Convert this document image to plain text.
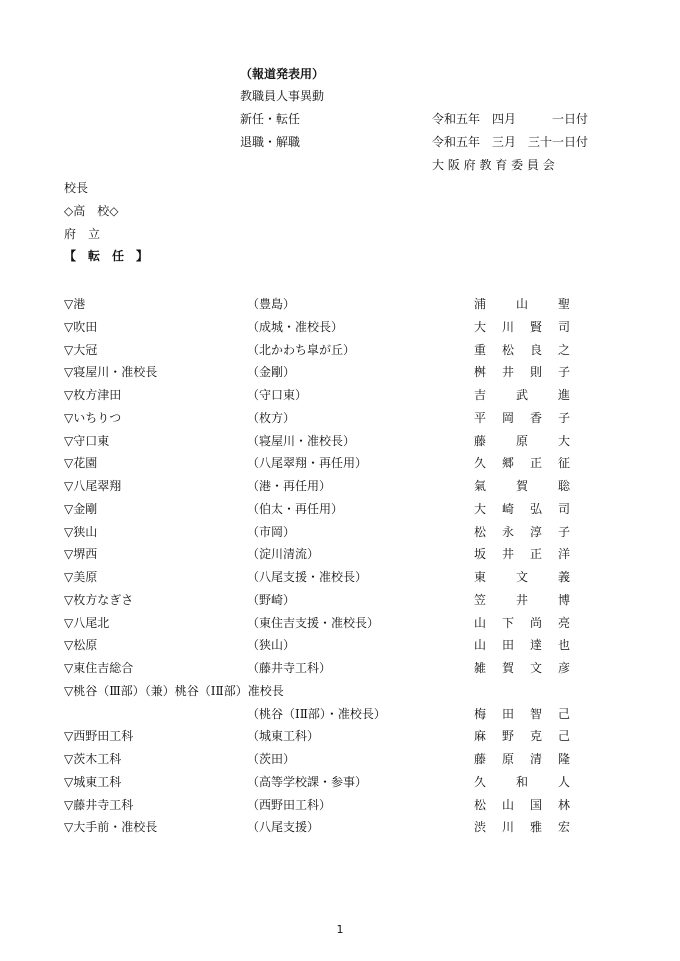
（報道発表用）
教職員人事異動
新任・転任	令和五年　四月　　　一日付
退職・解職	令和五年　三月　三十一日付
大 阪 府 教 育 委 員 会
校長
◇高　校◇
府　立
【　転　任　】
▽港	（豊島）	浦 山 聖
▽吹田	（成城・准校長）	大 川 賢 司
▽大冠	（北かわち皐が丘）	重 松 良 之
▽寝屋川・准校長	（金剛）	桝 井 則 子
▽枚方津田	（守口東）	吉 武 進
▽いちりつ	（枚方）	平 岡 香 子
▽守口東	（寝屋川・准校長）	藤 原 大
▽花園	（八尾翠翔・再任用）	久 郷 正 征
▽八尾翠翔	（港・再任用）	氣 賀 聡
▽金剛	（伯太・再任用）	大 崎 弘 司
▽狭山	（市岡）	松 永 淳 子
▽堺西	（淀川清流）	坂 井 正 洋
▽美原	（八尾支援・准校長）	東 文 義
▽枚方なぎさ	（野崎）	笠 井 博
▽八尾北	（東住吉支援・准校長）	山 下 尚 亮
▽松原	（狭山）	山 田 達 也
▽東住吉総合	（藤井寺工科）	雑 賀 文 彦
▽桃谷（Ⅲ部）（兼）桃谷（ⅠⅡ部）准校長
（桃谷（ⅠⅡ部）・准校長）	梅 田 智 己
▽西野田工科	（城東工科）	麻 野 克 己
▽茨木工科	（茨田）	藤 原 清 隆
▽城東工科	（高等学校課・参事）	久 和 人
▽藤井寺工科	（西野田工科）	松 山 国 林
▽大手前・准校長	（八尾支援）	渋 川 雅 宏
1
